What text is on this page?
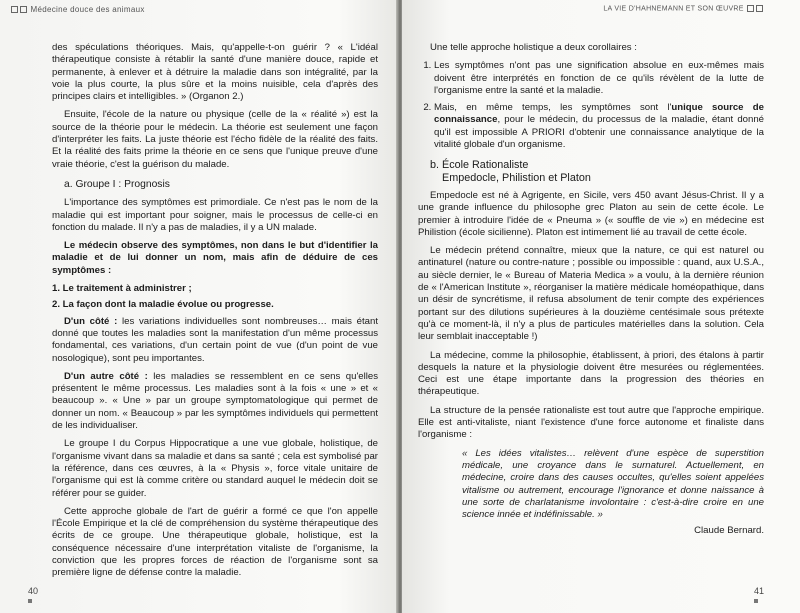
Médecine douce des animaux

des spéculations théoriques. Mais, qu'appelle-t-on guérir ? « L'idéal thérapeutique consiste à rétablir la santé d'une manière douce, rapide et permanente, à enlever et à détruire la maladie dans son intégralité, par la voie la plus courte, la plus sûre et la moins nuisible, cela d'après des principes clairs et intelligibles. » (Organon 2.)

Ensuite, l'école de la nature ou physique (celle de la « réalité ») est la source de la théorie pour le médecin. La théorie est seulement une façon d'interpréter les faits. La juste théorie est l'écho fidèle de la réalité des faits. Et la réalité des faits prime la théorie en ce sens que l'unique preuve d'une vraie théorie, c'est la guérison du malade.

a. Groupe I : Prognosis

L'importance des symptômes est primordiale. Ce n'est pas le nom de la maladie qui est important pour soigner, mais le processus de celle-ci en fonction du malade. Il n'y a pas de maladies, il y a UN malade.

Le médecin observe des symptômes, non dans le but d'identifier la maladie et de lui donner un nom, mais afin de déduire de ces symptômes :

1. Le traitement à administrer ;

2. La façon dont la maladie évolue ou progresse.

D'un côté : les variations individuelles sont nombreuses… mais étant donné que toutes les maladies sont la manifestation d'un même processus fondamental, ces variations, d'un certain point de vue (d'un point de vue nosologique), sont peu importantes.

D'un autre côté : les maladies se ressemblent en ce sens qu'elles présentent le même processus. Les maladies sont à la fois « une » et « beaucoup ». « Une » par un groupe symptomatologique qui permet de donner un nom. « Beaucoup » par les symptômes individuels qui permettent de les individualiser.

Le groupe I du Corpus Hippocratique a une vue globale, holistique, de l'organisme vivant dans sa maladie et dans sa santé ; cela est symbolisé par la référence, dans ces œuvres, à la « Physis », force vitale unitaire de l'organisme qui est là comme critère ou standard auquel le médecin doit se référer pour se guider.

Cette approche globale de l'art de guérir a formé ce que l'on appelle l'École Empirique et la clé de compréhension du système thérapeutique des écrits de ce groupe. Une thérapeutique globale, holistique, est la conséquence nécessaire d'une interprétation vitaliste de l'organisme, la conviction que les propres forces de réaction de l'organisme sont sa première ligne de défense contre la maladie.

40
LA VIE D'HAHNEMANN ET SON ŒUVRE

Une telle approche holistique a deux corollaires :

1. Les symptômes n'ont pas une signification absolue en eux-mêmes mais doivent être interprétés en fonction de ce qu'ils révèlent de la lutte de l'organisme entre la santé et la maladie.
2. Mais, en même temps, les symptômes sont l'unique source de connaissance, pour le médecin, du processus de la maladie, étant donné qu'il est impossible A PRIORI d'obtenir une connaissance analytique de la vitalité globale d'un organisme.

b. École Rationaliste
Empedocle, Philistion et Platon

Empedocle est né à Agrigente, en Sicile, vers 450 avant Jésus-Christ. Il y a une grande influence du philosophe grec Platon au sein de cette école. Le premier à introduire l'idée de « Pneuma » (« souffle de vie ») en médecine est Philistion (école sicilienne). Platon est intimement lié au travail de cette école.

Le médecin prétend connaître, mieux que la nature, ce qui est naturel ou antinaturel (nature ou contre-nature ; possible ou impossible : quand, aux U.S.A., au siècle dernier, le « Bureau of Materia Medica » a voulu, à la dernière réunion de « l'American Institute », réorganiser la matière médicale homéopathique, dans un désir de syncrétisme, il refusa absolument de tenir compte des expériences portant sur des dilutions supérieures à la douzième centésimale sous prétexte qu'à ce moment-là, il n'y a plus de particules matérielles dans la solution. Cela leur semblait inacceptable !)

La médecine, comme la philosophie, établissent, à priori, des étalons à partir desquels la nature et la physiologie doivent être mesurées ou réglementées. Ceci est une étape importante dans la progression des théories en thérapeutique.

La structure de la pensée rationaliste est tout autre que l'approche empirique. Elle est anti-vitaliste, niant l'existence d'une force autonome et finaliste dans l'organisme :

« Les idées vitalistes… relèvent d'une espèce de superstition médicale, une croyance dans le surnaturel. Actuellement, en médecine, croire dans des causes occultes, qu'elles soient appelées vitalisme ou autrement, encourage l'ignorance et donne naissance à une sorte de charlatanisme involontaire : c'est-à-dire croire en une science innée et indéfinissable. »

Claude Bernard.

41
